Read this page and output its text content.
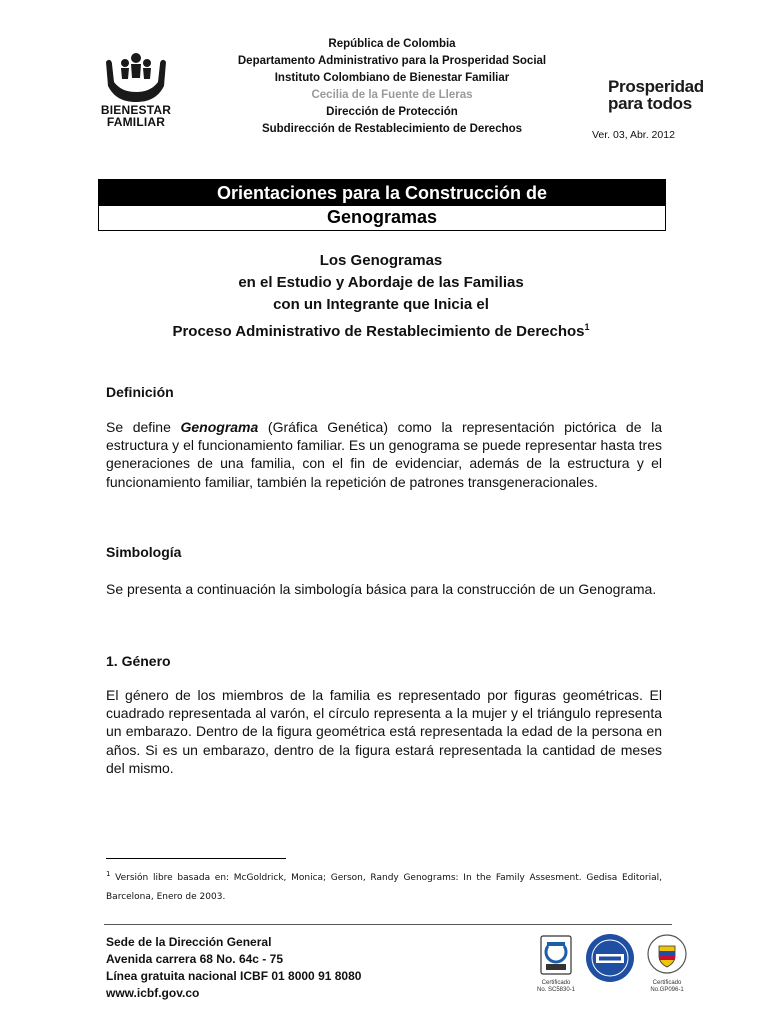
BIENESTAR
FAMILIAR
República de Colombia
Departamento Administrativo para la Prosperidad Social
Instituto Colombiano de Bienestar Familiar
Cecilia de la Fuente de Lleras
Dirección de Protección
Subdirección de Restablecimiento de Derechos
Prosperidad
para todos
Ver. 03, Abr. 2012
Orientaciones para la Construcción de
Genogramas
Los Genogramas
en el Estudio y Abordaje de las Familias
con un Integrante que Inicia el
Proceso Administrativo de Restablecimiento de Derechos$^1$
Definición

Se define Genograma (Gráfica Genética) como la representación pictórica de la estructura y el funcionamiento familiar. Es un genograma se puede representar hasta tres generaciones de una familia, con el fin de evidenciar, además de la estructura y el funcionamiento familiar, también la repetición de patrones transgeneracionales.

Simbología

Se presenta a continuación la simbología básica para la construcción de un Genograma.

1. Género

El género de los miembros de la familia es representado por figuras geométricas. El cuadrado representada al varón, el círculo representa a la mujer y el triángulo representa un embarazo. Dentro de la figura geométrica está representada la edad de la persona en años. Si es un embarazo, dentro de la figura estará representada la cantidad de meses del mismo.

$^1$ Versión libre basada en: McGoldrick, Monica; Gerson, Randy Genograms: In the Family Assesment. Gedisa Editorial, Barcelona, Enero de 2003.
Sede de la Dirección General
Avenida carrera 68 No. 64c - 75
Línea gratuita nacional ICBF 01 8000 91 8080
www.icbf.gov.co
Certificado
No. SC5830-1
Certificado
No.GP096-1
